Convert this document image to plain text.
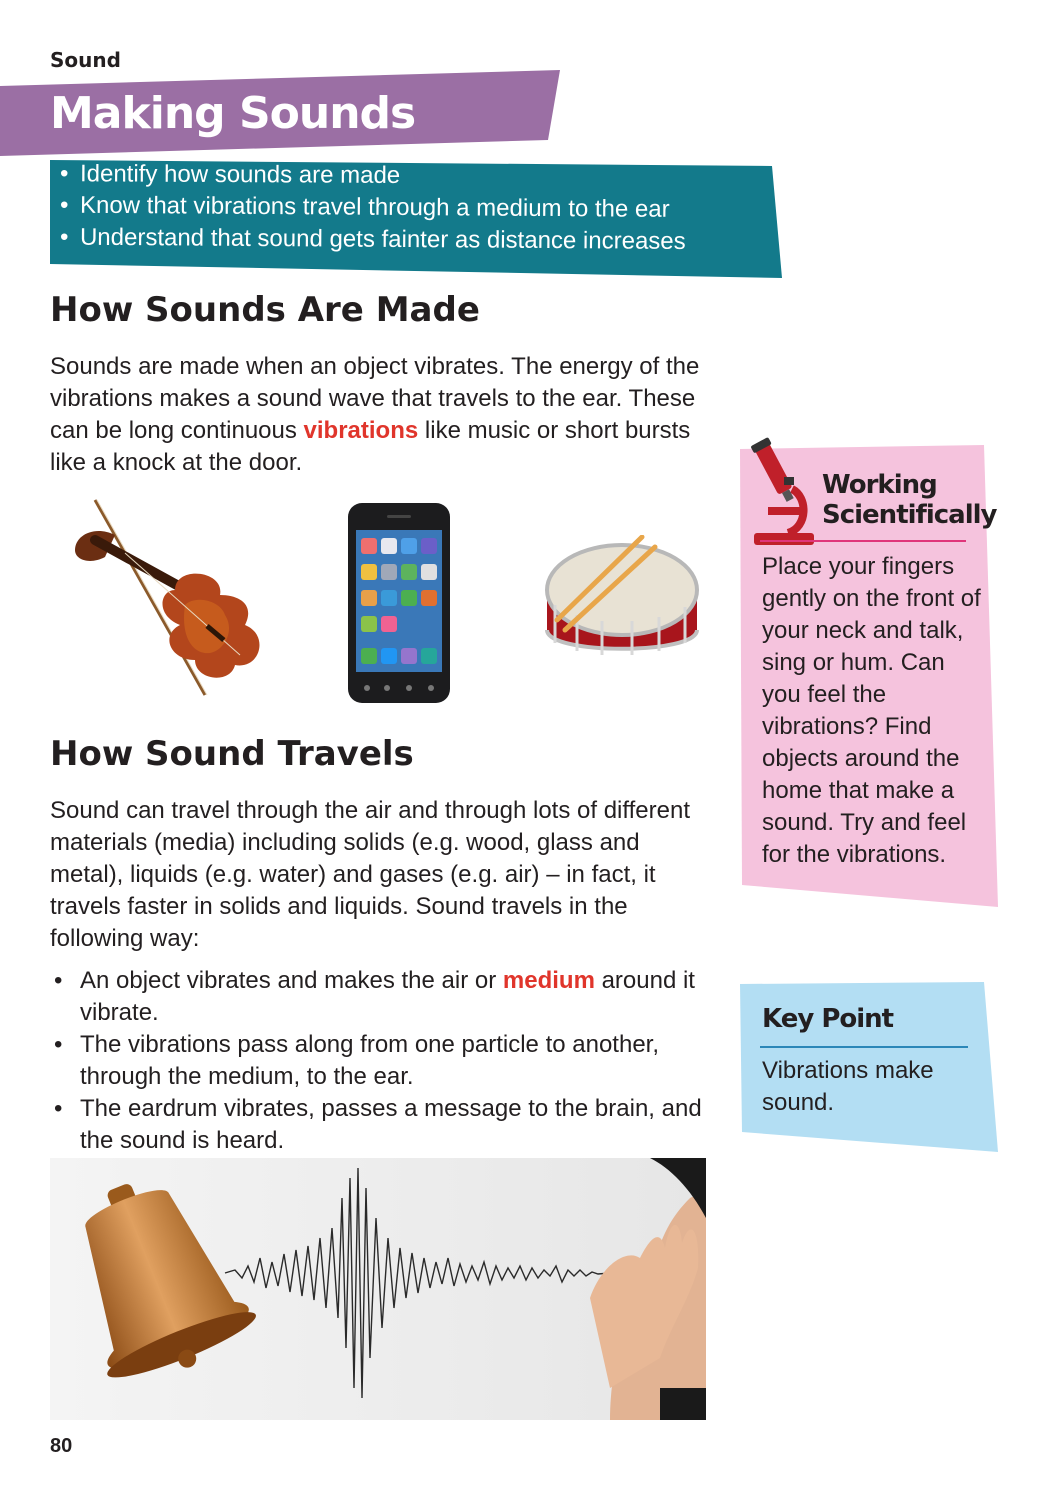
Sound
Making Sounds
• Identify how sounds are made
• Know that vibrations travel through a medium to the ear
• Understand that sound gets fainter as distance increases
How Sounds Are Made

Sounds are made when an object vibrates. The energy of the vibrations makes a sound wave that travels to the ear. These can be long continuous vibrations like music or short bursts like a knock at the door.

How Sound Travels

Sound can travel through the air and through lots of different materials (media) including solids (e.g. wood, glass and metal), liquids (e.g. water) and gases (e.g. air) – in fact, it travels faster in solids and liquids. Sound travels in the following way:

• An object vibrates and makes the air or medium around it vibrate.
• The vibrations pass along from one particle to another, through the medium, to the ear.
• The eardrum vibrates, passes a message to the brain, and the sound is heard.
Working
Scientifically

Place your fingers gently on the front of your neck and talk, sing or hum. Can you feel the vibrations? Find objects around the home that make a sound. Try and feel for the vibrations.

Key Point

Vibrations make sound.

80
